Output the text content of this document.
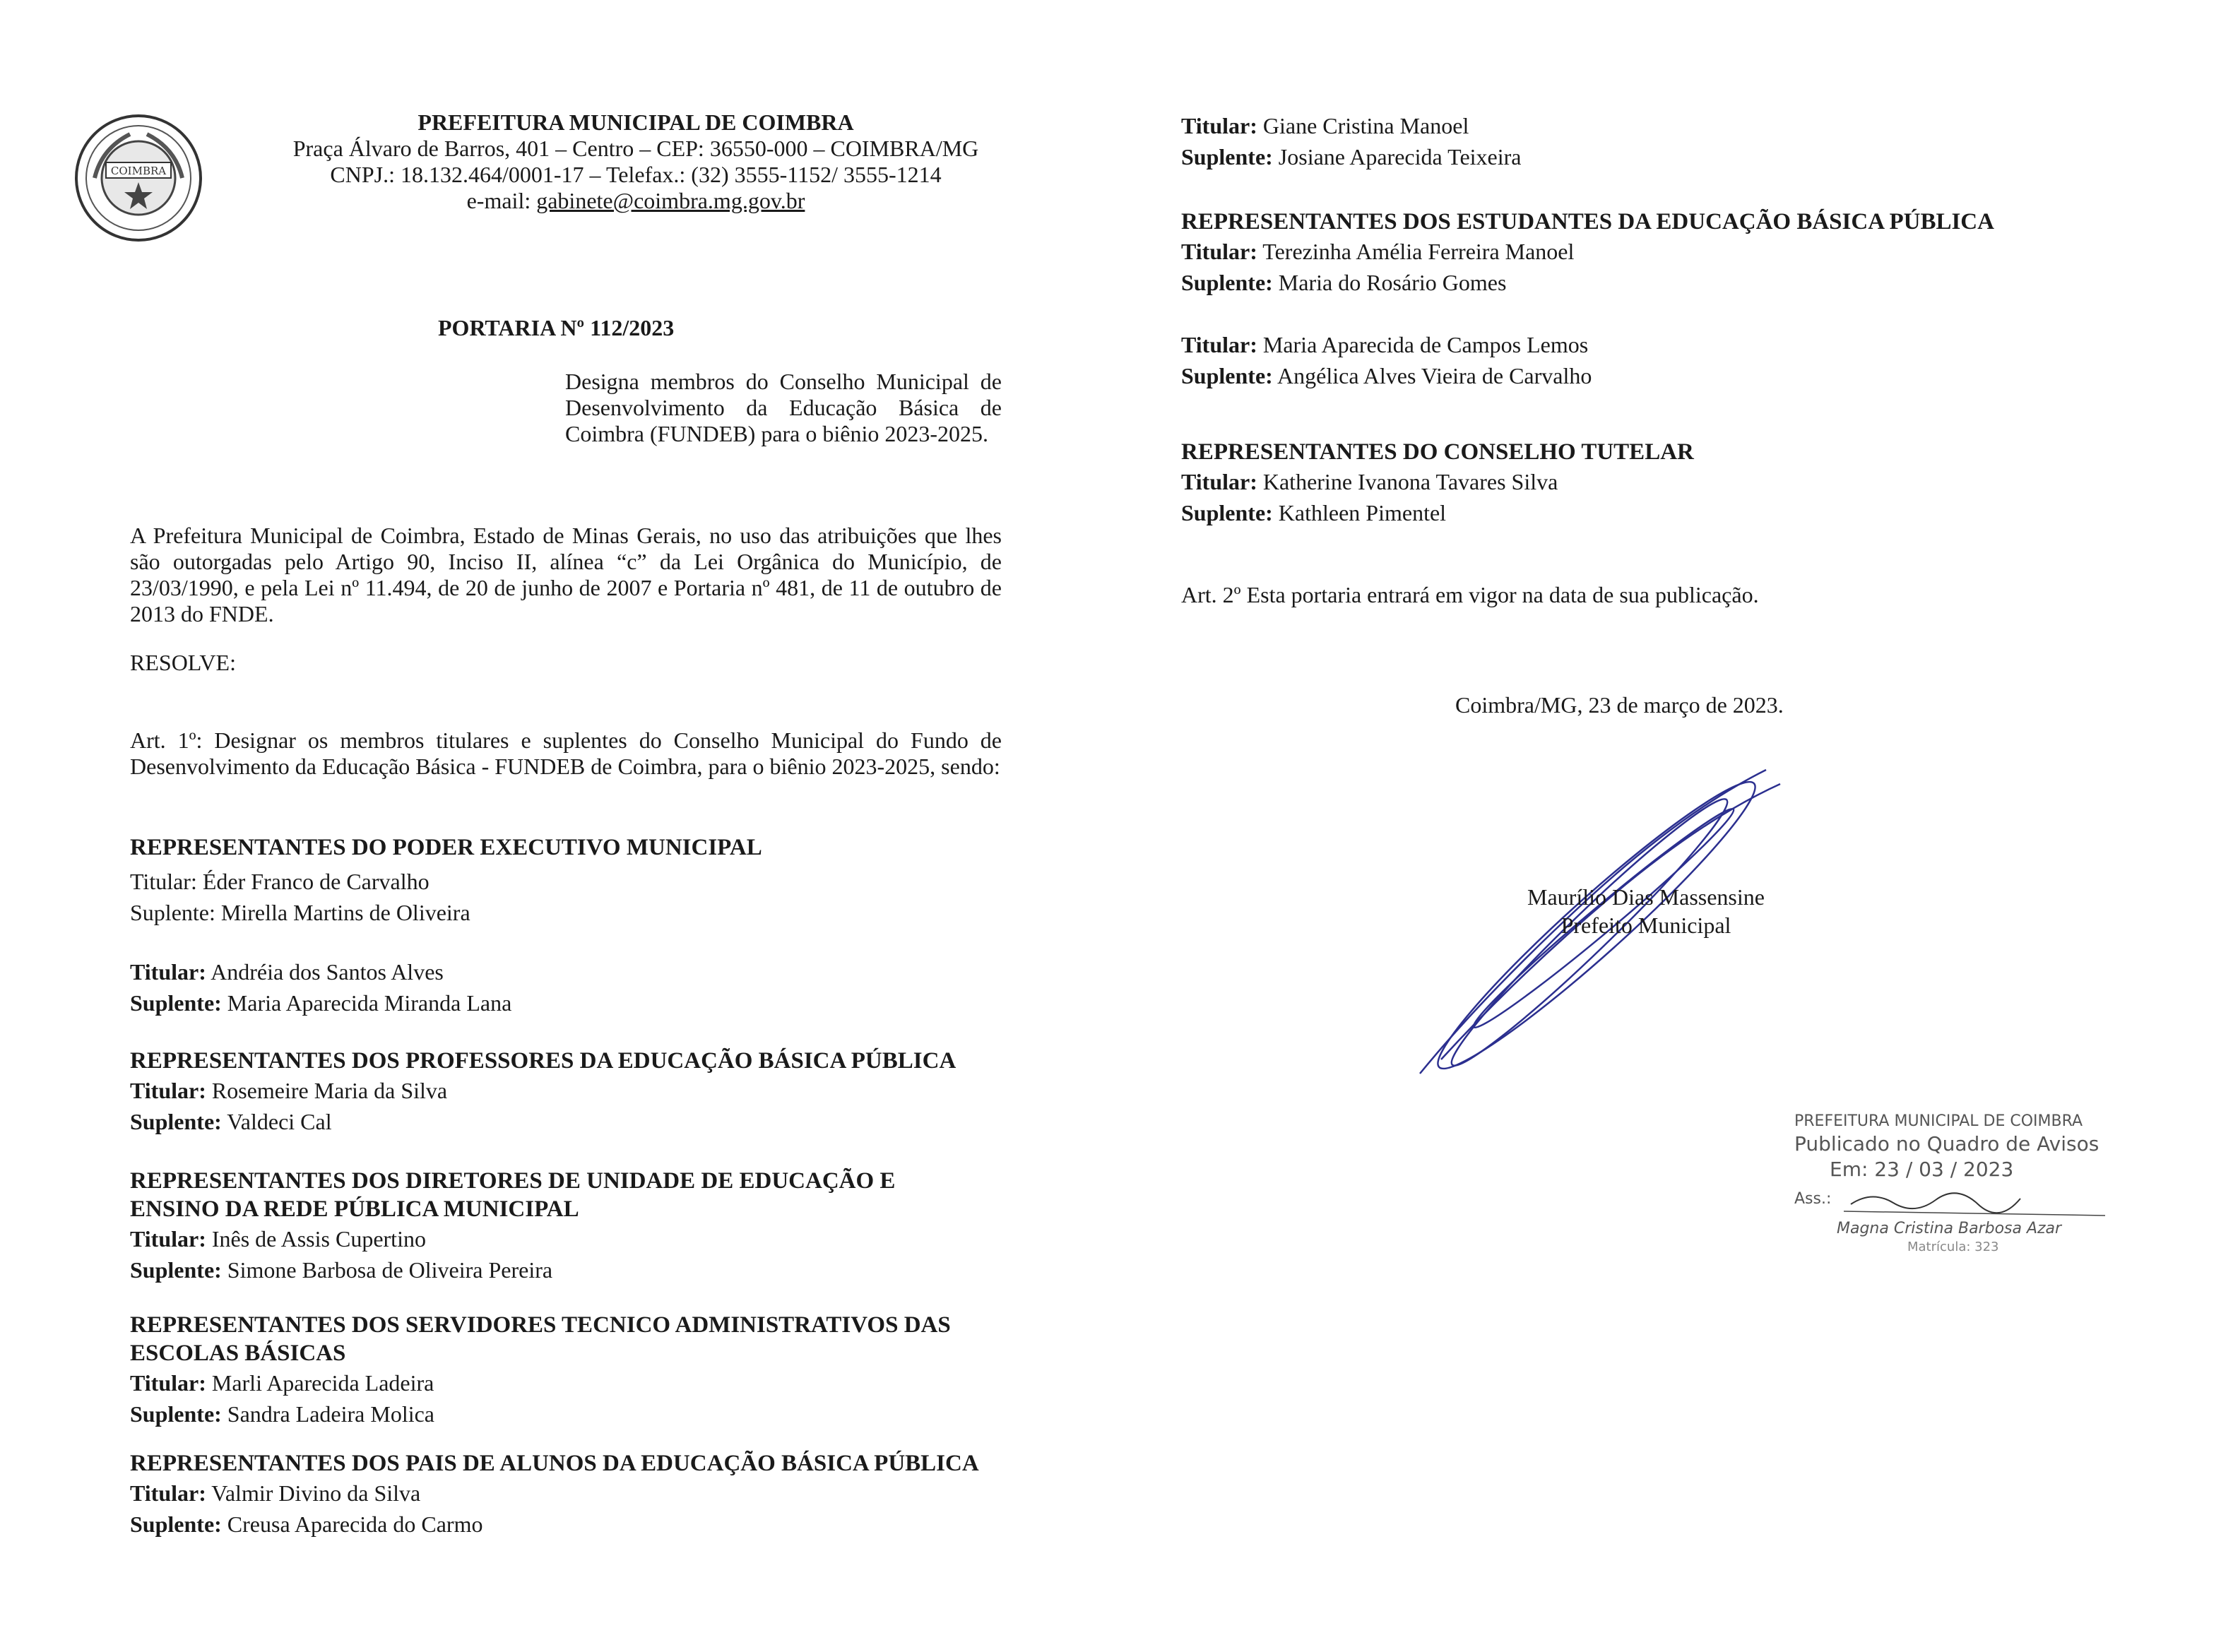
COIMBRA
PREFEITURA MUNICIPAL DE COIMBRA
Praça Álvaro de Barros, 401 – Centro – CEP: 36550-000 – COIMBRA/MG
CNPJ.: 18.132.464/0001-17 – Telefax.: (32) 3555-1152/ 3555-1214
e-mail: gabinete@coimbra.mg.gov.br
PORTARIA Nº 112/2023
Designa membros do Conselho Municipal de Desenvolvimento da Educação Básica de Coimbra (FUNDEB) para o biênio 2023-2025.
A Prefeitura Municipal de Coimbra, Estado de Minas Gerais, no uso das atribuições que lhes são outorgadas pelo Artigo 90, Inciso II, alínea “c” da Lei Orgânica do Município, de 23/03/1990, e pela Lei nº 11.494, de 20 de junho de 2007 e Portaria nº 481, de 11 de outubro de 2013 do FNDE.
RESOLVE:
Art. 1º: Designar os membros titulares e suplentes do Conselho Municipal do Fundo de Desenvolvimento da Educação Básica - FUNDEB de Coimbra, para o biênio 2023-2025, sendo:
REPRESENTANTES DO PODER EXECUTIVO MUNICIPAL
Titular: Éder Franco de Carvalho
Suplente: Mirella Martins de Oliveira
Titular: Andréia dos Santos Alves
Suplente: Maria Aparecida Miranda Lana
REPRESENTANTES DOS PROFESSORES DA EDUCAÇÃO BÁSICA PÚBLICA
Titular: Rosemeire Maria da Silva
Suplente: Valdeci Cal
REPRESENTANTES DOS DIRETORES DE UNIDADE DE EDUCAÇÃO E ENSINO DA REDE PÚBLICA MUNICIPAL
Titular: Inês de Assis Cupertino
Suplente: Simone Barbosa de Oliveira Pereira
REPRESENTANTES DOS SERVIDORES TECNICO ADMINISTRATIVOS DAS ESCOLAS BÁSICAS
Titular: Marli Aparecida Ladeira
Suplente: Sandra Ladeira Molica
REPRESENTANTES DOS PAIS DE ALUNOS DA EDUCAÇÃO BÁSICA PÚBLICA
Titular: Valmir Divino da Silva
Suplente: Creusa Aparecida do Carmo
Titular: Giane Cristina Manoel
Suplente: Josiane Aparecida Teixeira
REPRESENTANTES DOS ESTUDANTES DA EDUCAÇÃO BÁSICA PÚBLICA
Titular: Terezinha Amélia Ferreira Manoel
Suplente: Maria do Rosário Gomes
Titular: Maria Aparecida de Campos Lemos
Suplente: Angélica Alves Vieira de Carvalho
REPRESENTANTES DO CONSELHO TUTELAR
Titular: Katherine Ivanona Tavares Silva
Suplente: Kathleen Pimentel
Art. 2º Esta portaria entrará em vigor na data de sua publicação.
Coimbra/MG, 23 de março de 2023.
Maurílio Dias Massensine
Prefeito Municipal
PREFEITURA MUNICIPAL DE COIMBRA
Publicado no Quadro de Avisos
Em: 23 / 03 / 2023
Ass.:
Magna Cristina Barbosa Azar
Matrícula: 323
